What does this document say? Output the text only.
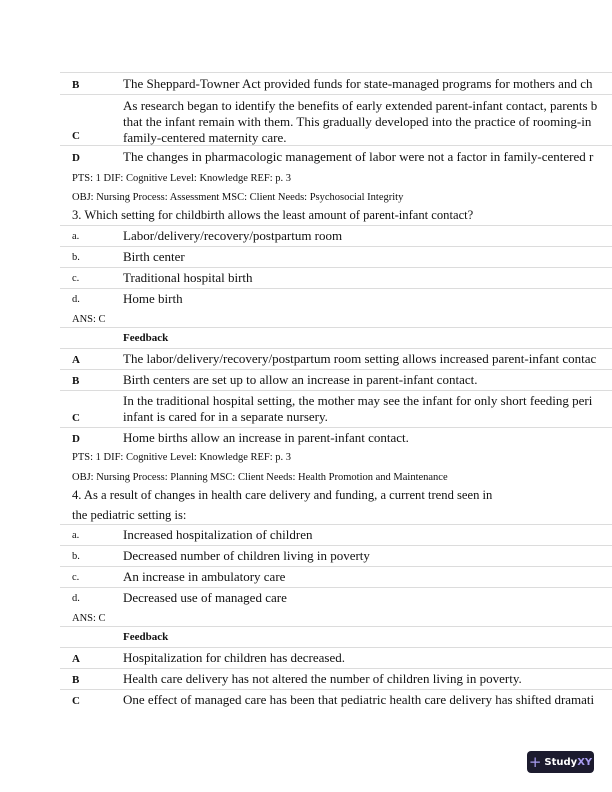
B	The Sheppard-Towner Act provided funds for state-managed programs for mothers and ch
C
As research began to identify the benefits of early extended parent-infant contact, parents b
that the infant remain with them. This gradually developed into the practice of rooming-in
family-centered maternity care.
D	The changes in pharmacologic management of labor were not a factor in family-centered r
PTS: 1 DIF: Cognitive Level: Knowledge REF: p. 3
OBJ: Nursing Process: Assessment MSC: Client Needs: Psychosocial Integrity
3. Which setting for childbirth allows the least amount of parent-infant contact?
a.	Labor/delivery/recovery/postpartum room
b.	Birth center
c.	Traditional hospital birth
d.	Home birth
ANS: C
Feedback
A	The labor/delivery/recovery/postpartum room setting allows increased parent-infant contac
B	Birth centers are set up to allow an increase in parent-infant contact.
C
In the traditional hospital setting, the mother may see the infant for only short feeding peri
infant is cared for in a separate nursery.
D	Home births allow an increase in parent-infant contact.
PTS: 1 DIF: Cognitive Level: Knowledge REF: p. 3
OBJ: Nursing Process: Planning MSC: Client Needs: Health Promotion and Maintenance
4. As a result of changes in health care delivery and funding, a current trend seen in
the pediatric setting is:
a.	Increased hospitalization of children
b.	Decreased number of children living in poverty
c.	An increase in ambulatory care
d.	Decreased use of managed care
ANS: C
Feedback
A	Hospitalization for children has decreased.
B	Health care delivery has not altered the number of children living in poverty.
C	One effect of managed care has been that pediatric health care delivery has shifted dramati
+ StudyXY
